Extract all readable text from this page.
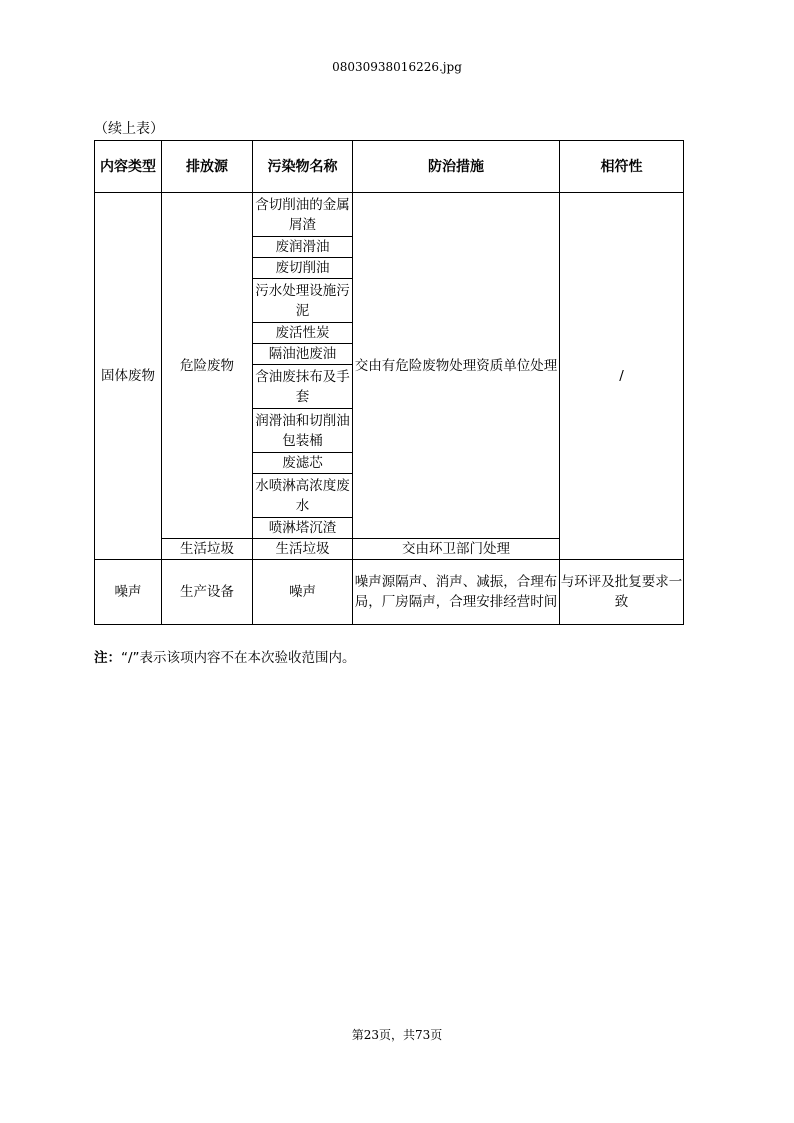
08030938016226.jpg
（续上表）
内容类型	排放源	污染物名称	防治措施	相符性
固体废物	危险废物	含切削油的金属屑渣	交由有危险废物处理资质单位处理	/
		废润滑油		
		废切削油		
		污水处理设施污泥		
		废活性炭		
		隔油池废油		
		含油废抹布及手套		
		润滑油和切削油包装桶		
		废滤芯		
		水喷淋高浓度废水		
		喷淋塔沉渣		
	生活垃圾	生活垃圾	交由环卫部门处理	
噪声	生产设备	噪声	噪声源隔声、消声、减振，合理布局，厂房隔声，合理安排经营时间	与环评及批复要求一致
注：“/”表示该项内容不在本次验收范围内。
第23页，共73页
